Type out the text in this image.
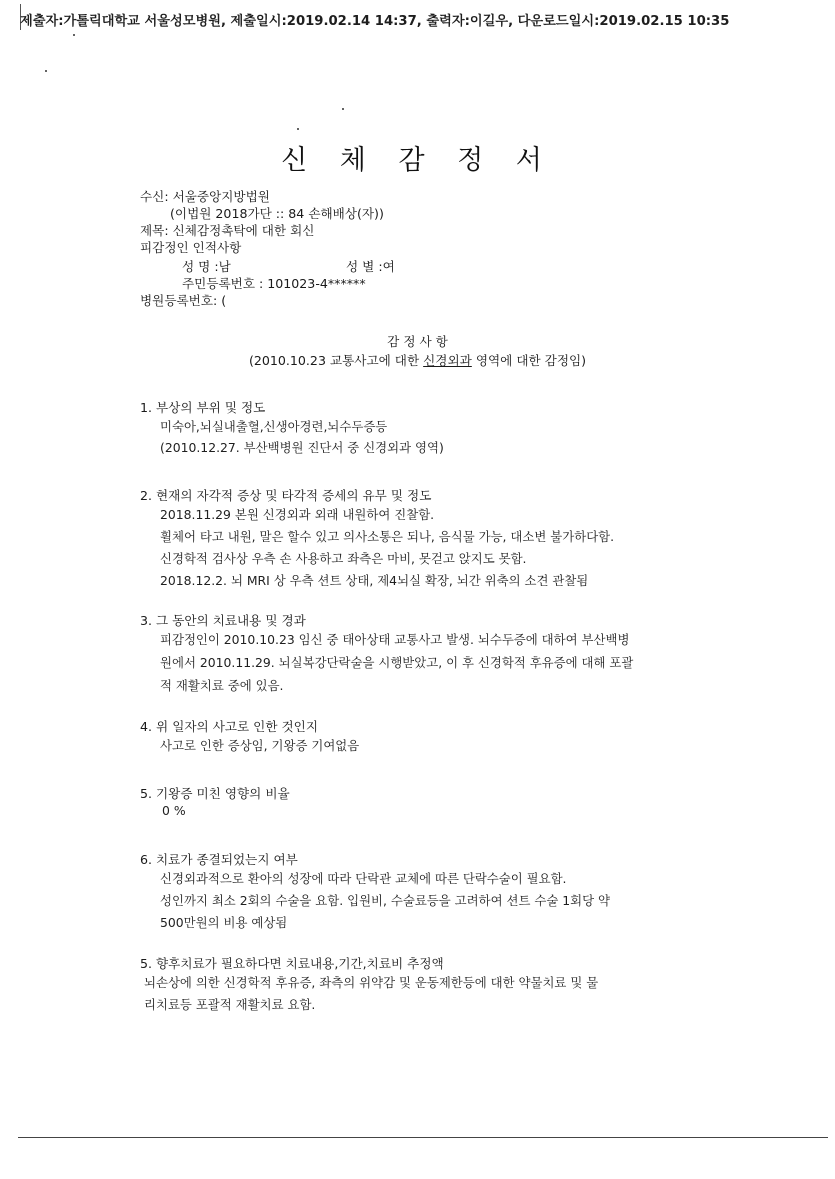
제출자:가톨릭대학교 서울성모병원, 제출일시:2019.02.14 14:37, 출력자:이길우, 다운로드일시:2019.02.15 10:35
신 체 감 정 서
수신: 서울중앙지방법원
(이법원 2018가단 :: 84 손해배상(자))
제목: 신체감정촉탁에 대한 회신
피감정인 인적사항
성 명 :남	성 별 :여
주민등록번호 : 101023-4******
병원등록번호: (
감 정 사 항
(2010.10.23 교통사고에 대한 신경외과 영역에 대한 감정임)
1. 부상의 부위 및 정도
미숙아,뇌실내출혈,신생아경련,뇌수두증등
(2010.12.27. 부산백병원 진단서 중 신경외과 영역)
2. 현재의 자각적 증상 및 타각적 증세의 유무 및 정도
2018.11.29 본원 신경외과 외래 내원하여 진찰함.
휠체어 타고 내원, 말은 할수 있고 의사소통은 되나, 음식물 가능, 대소변 불가하다함.
신경학적 검사상 우측 손 사용하고 좌측은 마비, 못걷고 앉지도 못함.
2018.12.2. 뇌 MRI 상 우측 션트 상태, 제4뇌실 확장, 뇌간 위축의 소견 관찰됨
3. 그 동안의 치료내용 및 경과
피감정인이 2010.10.23 임신 중 태아상태 교통사고 발생. 뇌수두증에 대하여 부산백병
원에서 2010.11.29. 뇌실복강단락술을 시행받았고, 이 후 신경학적 후유증에 대해 포괄
적 재활치료 중에 있음.
4. 위 일자의 사고로 인한 것인지
사고로 인한 증상임, 기왕증 기여없음
5. 기왕증 미친 영향의 비율
0 %
6. 치료가 종결되었는지 여부
신경외과적으로 환아의 성장에 따라 단락관 교체에 따른 단락수술이 필요함.
성인까지 최소 2회의 수술을 요함. 입원비, 수술료등을 고려하여 션트 수술 1회당 약
500만원의 비용 예상됨
5. 향후치료가 필요하다면 치료내용,기간,치료비 추정액
뇌손상에 의한 신경학적 후유증, 좌측의 위약감 및 운동제한등에 대한 약물치료 및 물
리치료등 포괄적 재활치료 요함.
